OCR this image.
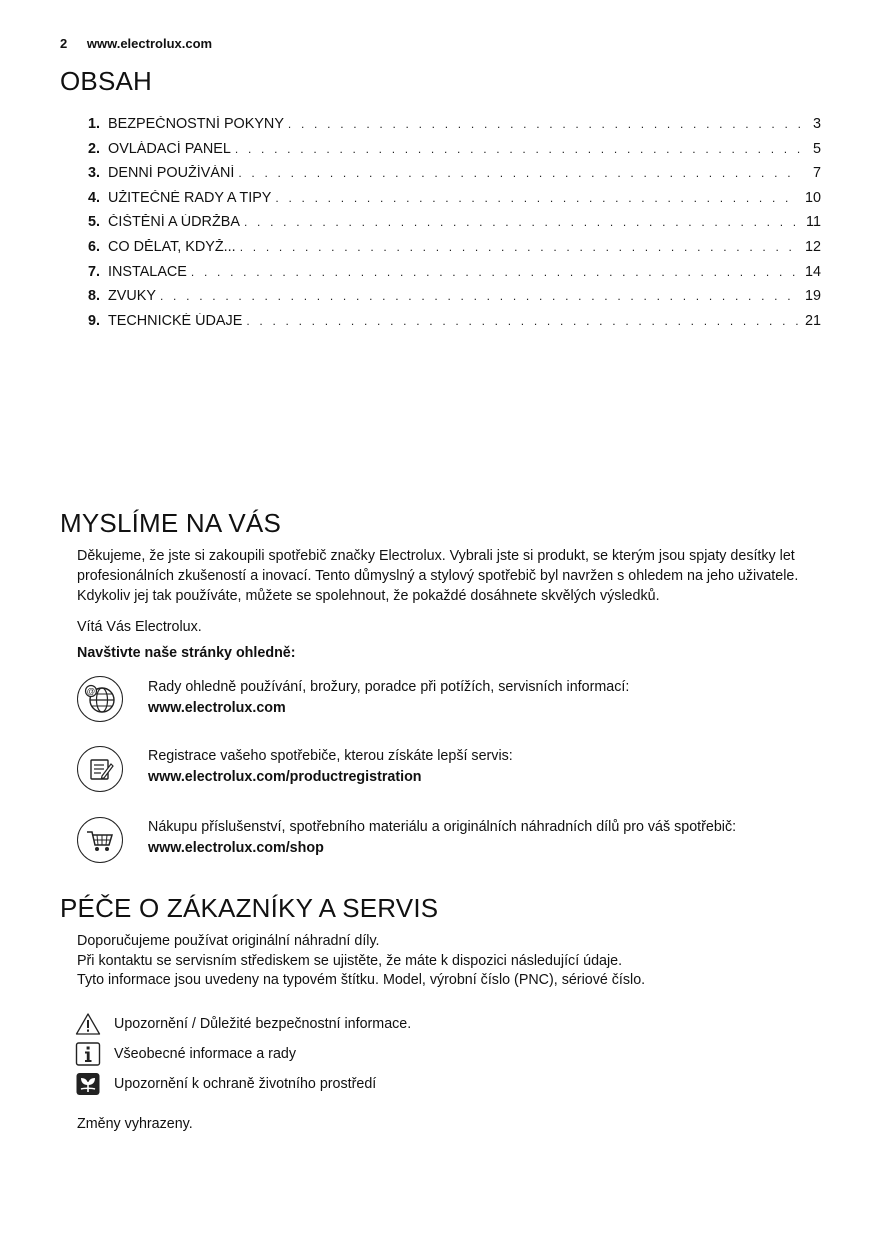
2 www.electrolux.com
OBSAH
1. BEZPEČNOSTNÍ POKYNY . . .	3
2. OVLÁDACÍ PANEL . . .	5
3. DENNÍ POUŽÍVÁNÍ . . .	7
4. UŽITEČNÉ RADY A TIPY . . .	10
5. ČIŠTĚNÍ A ÚDRŽBA . . .	11
6. CO DĚLAT, KDYŽ... . . .	12
7. INSTALACE . . .	14
8. ZVUKY . . .	19
9. TECHNICKÉ ÚDAJE . . .	21
MYSLÍME NA VÁS
Děkujeme, že jste si zakoupili spotřebič značky Electrolux. Vybrali jste si produkt, se kterým jsou spjaty desítky let profesionálních zkušeností a inovací. Tento důmyslný a stylový spotřebič byl navržen s ohledem na jeho uživatele. Kdykoliv jej tak používáte, můžete se spolehnout, že pokaždé dosáhnete skvělých výsledků.
Vítá Vás Electrolux.
Navštivte naše stránky ohledně:
@	Rady ohledně používání, brožury, poradce při potížích, servisních informací:
www.electrolux.com
Registrace vašeho spotřebiče, kterou získáte lepší servis:
www.electrolux.com/productregistration
Nákupu příslušenství, spotřebního materiálu a originálních náhradních dílů pro váš spotřebič:
www.electrolux.com/shop
PÉČE O ZÁKAZNÍKY A SERVIS
Doporučujeme používat originální náhradní díly.
Při kontaktu se servisním střediskem se ujistěte, že máte k dispozici následující údaje.
Tyto informace jsou uvedeny na typovém štítku. Model, výrobní číslo (PNC), sériové číslo.
Upozornění / Důležité bezpečnostní informace.
Všeobecné informace a rady
Upozornění k ochraně životního prostředí
Změny vyhrazeny.
